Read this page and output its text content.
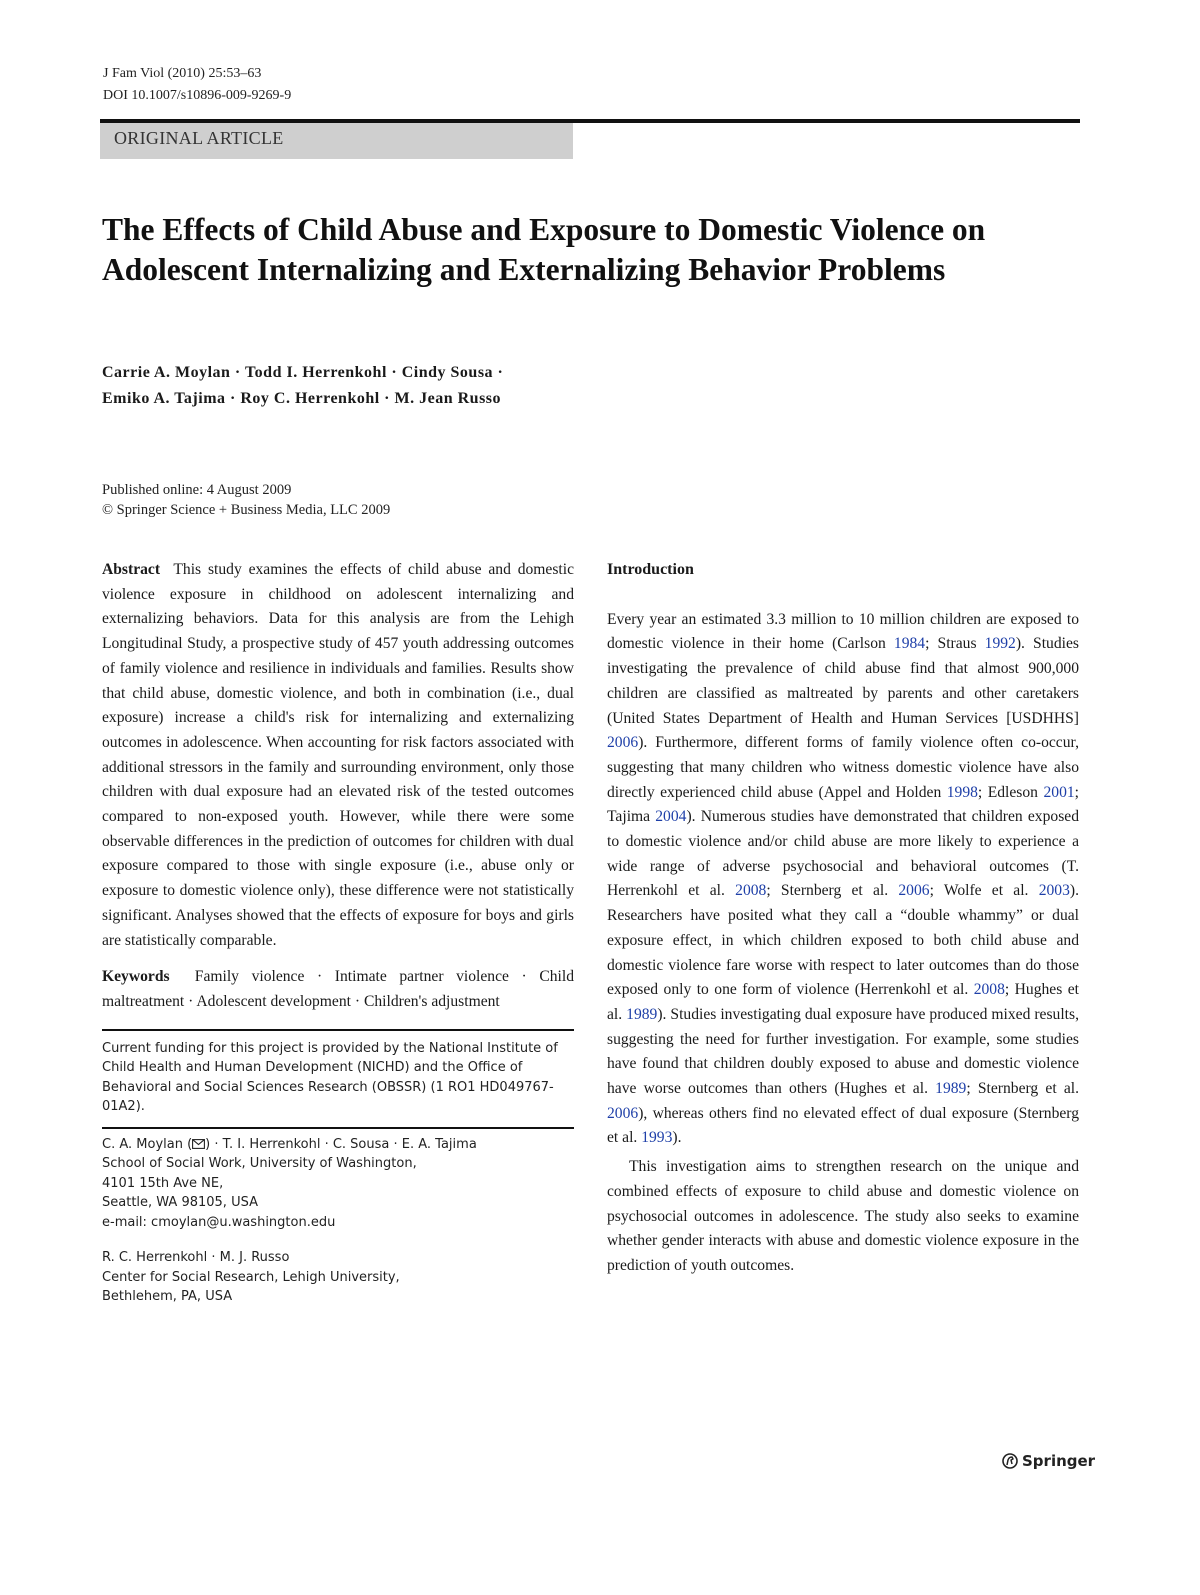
J Fam Viol (2010) 25:53–63
DOI 10.1007/s10896-009-9269-9
ORIGINAL ARTICLE
The Effects of Child Abuse and Exposure to Domestic Violence on Adolescent Internalizing and Externalizing Behavior Problems
Carrie A. Moylan · Todd I. Herrenkohl · Cindy Sousa ·
Emiko A. Tajima · Roy C. Herrenkohl · M. Jean Russo
Published online: 4 August 2009
© Springer Science + Business Media, LLC 2009

Abstract This study examines the effects of child abuse and domestic violence exposure in childhood on adolescent internalizing and externalizing behaviors. Data for this analysis are from the Lehigh Longitudinal Study, a prospective study of 457 youth addressing outcomes of family violence and resilience in individuals and families. Results show that child abuse, domestic violence, and both in combination (i.e., dual exposure) increase a child's risk for internalizing and externalizing outcomes in adolescence. When accounting for risk factors associated with additional stressors in the family and surrounding environment, only those children with dual exposure had an elevated risk of the tested outcomes compared to non-exposed youth. However, while there were some observable differences in the prediction of outcomes for children with dual exposure compared to those with single exposure (i.e., abuse only or exposure to domestic violence only), these difference were not statistically significant. Analyses showed that the effects of exposure for boys and girls are statistically comparable.

Keywords Family violence · Intimate partner violence · Child maltreatment · Adolescent development · Children's adjustment

Current funding for this project is provided by the National Institute of Child Health and Human Development (NICHD) and the Office of Behavioral and Social Sciences Research (OBSSR) (1 RO1 HD049767-01A2).
C. A. Moylan ( ) · T. I. Herrenkohl · C. Sousa · E. A. Tajima
School of Social Work, University of Washington,
4101 15th Ave NE,
Seattle, WA 98105, USA
e-mail: cmoylan@u.washington.edu
R. C. Herrenkohl · M. J. Russo
Center for Social Research, Lehigh University,
Bethlehem, PA, USA
Introduction

Every year an estimated 3.3 million to 10 million children are exposed to domestic violence in their home (Carlson 1984; Straus 1992). Studies investigating the prevalence of child abuse find that almost 900,000 children are classified as maltreated by parents and other caretakers (United States Department of Health and Human Services [USDHHS] 2006). Furthermore, different forms of family violence often co-occur, suggesting that many children who witness domestic violence have also directly experienced child abuse (Appel and Holden 1998; Edleson 2001; Tajima 2004). Numerous studies have demonstrated that children exposed to domestic violence and/or child abuse are more likely to experience a wide range of adverse psychosocial and behavioral outcomes (T. Herrenkohl et al. 2008; Sternberg et al. 2006; Wolfe et al. 2003). Researchers have posited what they call a “double whammy” or dual exposure effect, in which children exposed to both child abuse and domestic violence fare worse with respect to later outcomes than do those exposed only to one form of violence (Herrenkohl et al. 2008; Hughes et al. 1989). Studies investigating dual exposure have produced mixed results, suggesting the need for further investigation. For example, some studies have found that children doubly exposed to abuse and domestic violence have worse outcomes than others (Hughes et al. 1989; Sternberg et al. 2006), whereas others find no elevated effect of dual exposure (Sternberg et al. 1993).

This investigation aims to strengthen research on the unique and combined effects of exposure to child abuse and domestic violence on psychosocial outcomes in adolescence. The study also seeks to examine whether gender interacts with abuse and domestic violence exposure in the prediction of youth outcomes.

Springer
